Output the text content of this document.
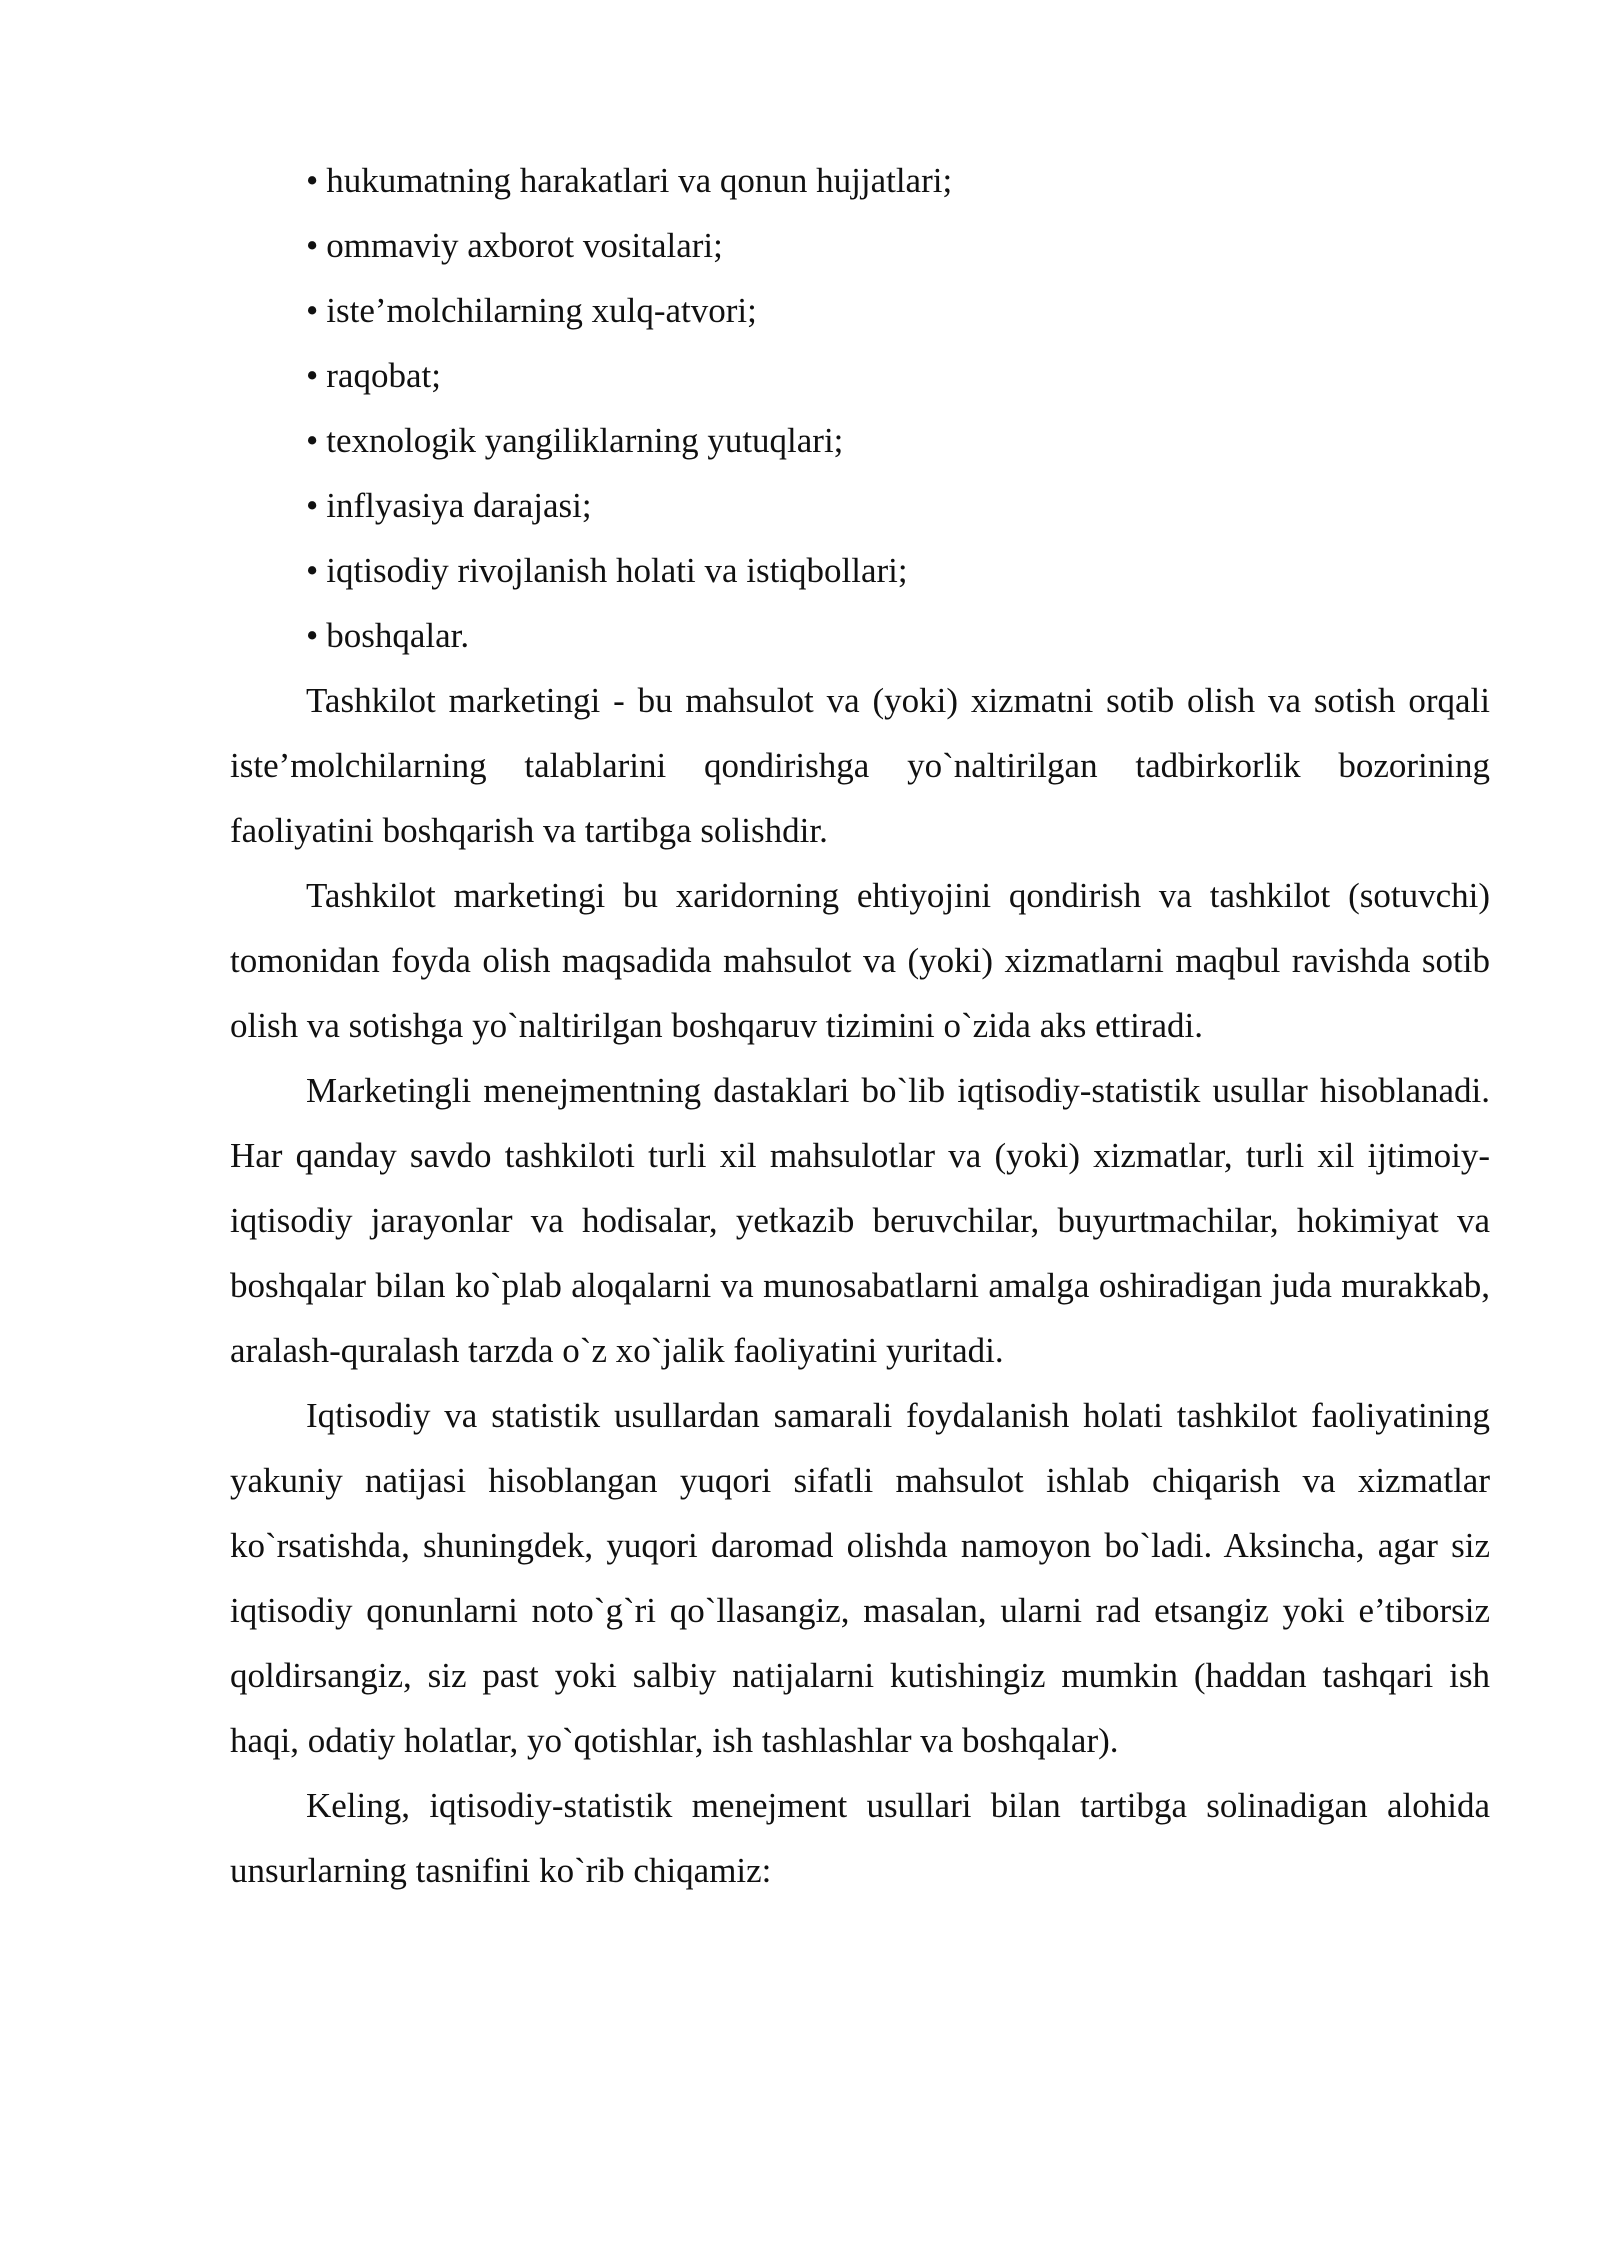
• hukumatning harakatlari va qonun hujjatlari;
• ommaviy axborot vositalari;
• iste’molchilarning xulq-atvori;
• raqobat;
• texnologik yangiliklarning yutuqlari;
• inflyasiya darajasi;
• iqtisodiy rivojlanish holati va istiqbollari;
• boshqalar.

Tashkilot marketingi - bu mahsulot va (yoki) xizmatni sotib olish va sotish orqali iste’molchilarning talablarini qondirishga yo`naltirilgan tadbirkorlik bozorining faoliyatini boshqarish va tartibga solishdir.

Tashkilot marketingi bu xaridorning ehtiyojini qondirish va tashkilot (sotuvchi) tomonidan foyda olish maqsadida mahsulot va (yoki) xizmatlarni maqbul ravishda sotib olish va sotishga yo`naltirilgan boshqaruv tizimini o`zida aks ettiradi.

Marketingli menejmentning dastaklari bo`lib iqtisodiy-statistik usullar hisoblanadi. Har qanday savdo tashkiloti turli xil mahsulotlar va (yoki) xizmatlar, turli xil ijtimoiy-iqtisodiy jarayonlar va hodisalar, yetkazib beruvchilar, buyurtmachilar, hokimiyat va boshqalar bilan ko`plab aloqalarni va munosabatlarni amalga oshiradigan juda murakkab, aralash-quralash tarzda o`z xo`jalik faoliyatini yuritadi.

Iqtisodiy va statistik usullardan samarali foydalanish holati tashkilot faoliyatining yakuniy natijasi hisoblangan yuqori sifatli mahsulot ishlab chiqarish va xizmatlar ko`rsatishda, shuningdek, yuqori daromad olishda namoyon bo`ladi. Aksincha, agar siz iqtisodiy qonunlarni noto`g`ri qo`llasangiz, masalan, ularni rad etsangiz yoki e’tiborsiz qoldirsangiz, siz past yoki salbiy natijalarni kutishingiz mumkin (haddan tashqari ish haqi, odatiy holatlar, yo`qotishlar, ish tashlashlar va boshqalar).

Keling, iqtisodiy-statistik menejment usullari bilan tartibga solinadigan alohida unsurlarning tasnifini ko`rib chiqamiz:
